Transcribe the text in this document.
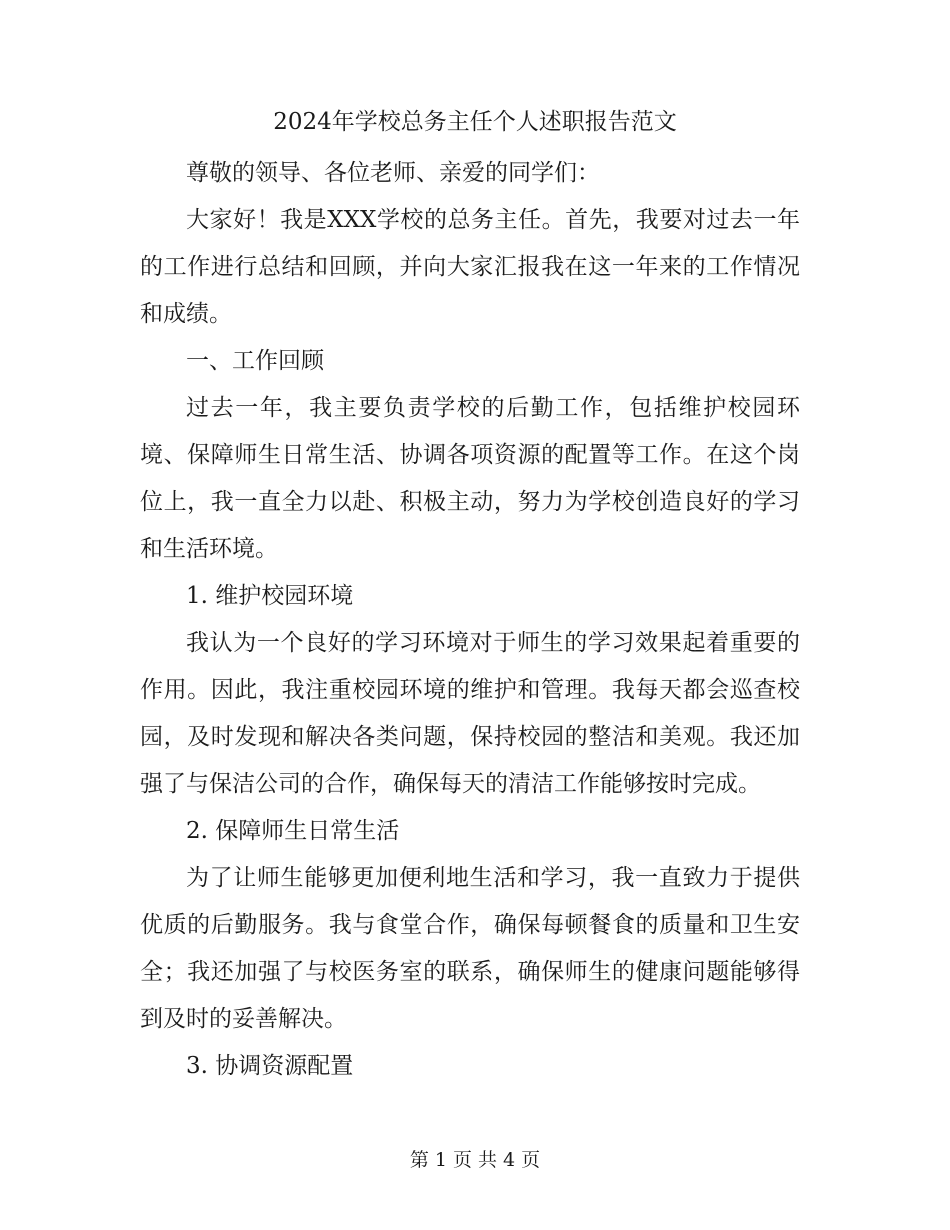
2024年学校总务主任个人述职报告范文

尊敬的领导、各位老师、亲爱的同学们：

大家好！我是XXX学校的总务主任。首先，我要对过去一年的工作进行总结和回顾，并向大家汇报我在这一年来的工作情况和成绩。

一、工作回顾

过去一年，我主要负责学校的后勤工作，包括维护校园环境、保障师生日常生活、协调各项资源的配置等工作。在这个岗位上，我一直全力以赴、积极主动，努力为学校创造良好的学习和生活环境。

1. 维护校园环境

我认为一个良好的学习环境对于师生的学习效果起着重要的作用。因此，我注重校园环境的维护和管理。我每天都会巡查校园，及时发现和解决各类问题，保持校园的整洁和美观。我还加强了与保洁公司的合作，确保每天的清洁工作能够按时完成。

2. 保障师生日常生活

为了让师生能够更加便利地生活和学习，我一直致力于提供优质的后勤服务。我与食堂合作，确保每顿餐食的质量和卫生安全；我还加强了与校医务室的联系，确保师生的健康问题能够得到及时的妥善解决。

3. 协调资源配置

第 1 页 共 4 页
